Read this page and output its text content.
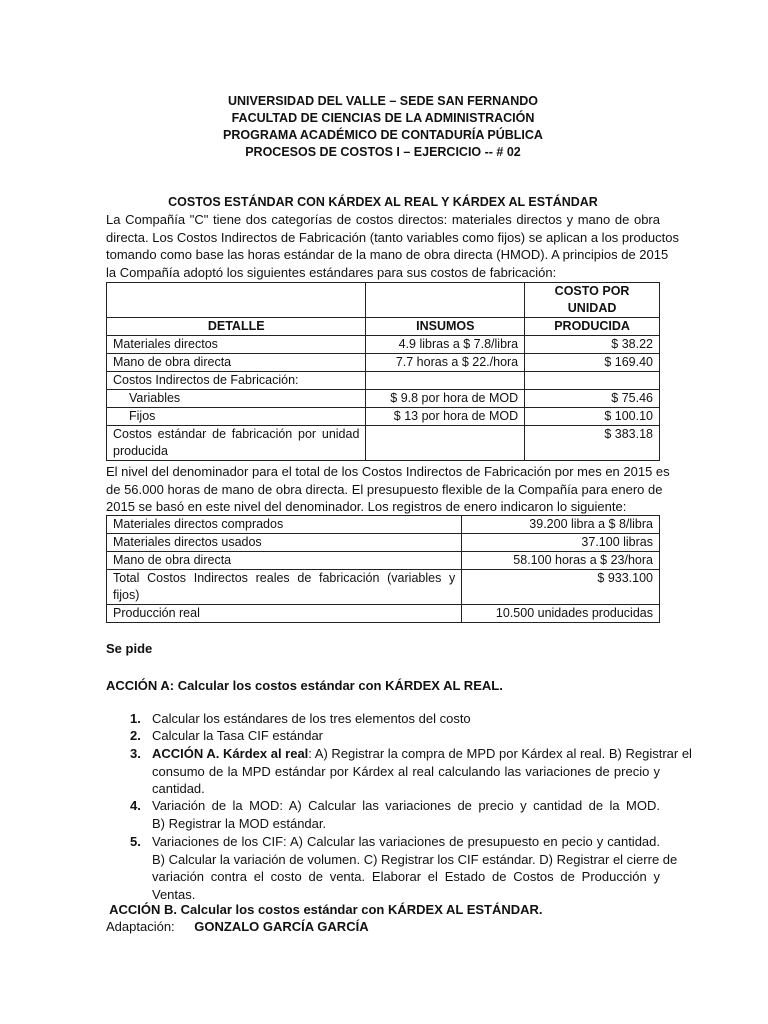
UNIVERSIDAD DEL VALLE – SEDE SAN FERNANDO
FACULTAD DE CIENCIAS DE LA ADMINISTRACIÓN
PROGRAMA ACADÉMICO DE CONTADURÍA PÚBLICA
PROCESOS DE COSTOS I – EJERCICIO -- # 02
COSTOS ESTÁNDAR CON KÁRDEX AL REAL Y KÁRDEX AL ESTÁNDAR
La Compañía "C" tiene dos categorías de costos directos: materiales directos y mano de obra
directa. Los Costos Indirectos de Fabricación (tanto variables como fijos) se aplican a los productos
tomando como base las horas estándar de la mano de obra directa (HMOD). A principios de 2015
la Compañía adoptó los siguientes estándares para sus costos de fabricación:
		COSTO POR UNIDAD
DETALLE	INSUMOS	PRODUCIDA
Materiales directos	4.9 libras a $ 7.8/libra	$ 38.22
Mano de obra directa	7.7 horas a $ 22./hora	$ 169.40
Costos Indirectos de Fabricación:		
Variables	$ 9.8 por hora de MOD	$ 75.46
Fijos	$ 13 por hora de MOD	$ 100.10

Costos estándar de fabricación por unidad
producida		$ 383.18
El nivel del denominador para el total de los Costos Indirectos de Fabricación por mes en 2015 es
de 56.000 horas de mano de obra directa. El presupuesto flexible de la Compañía para enero de
2015 se basó en este nivel del denominador. Los registros de enero indicaron lo siguiente:
Materiales directos comprados	39.200 libra a $ 8/libra
Materiales directos usados	37.100 libras
Mano de obra directa	58.100 horas a $ 23/hora

Total Costos Indirectos reales de fabricación (variables y
fijos)	$ 933.100
Producción real	10.500 unidades producidas
Se pide
ACCIÓN A: Calcular los costos estándar con KÁRDEX AL REAL.
1. Calcular los estándares de los tres elementos del costo
2. Calcular la Tasa CIF estándar
3. ACCIÓN A. Kárdex al real: A) Registrar la compra de MPD por Kárdex al real. B) Registrar el
consumo de la MPD estándar por Kárdex al real calculando las variaciones de precio y
cantidad.
4. Variación de la MOD: A) Calcular las variaciones de precio y cantidad de la MOD.
B) Registrar la MOD estándar.
5. Variaciones de los CIF: A) Calcular las variaciones de presupuesto en pecio y cantidad.
B) Calcular la variación de volumen. C) Registrar los CIF estándar. D) Registrar el cierre de
variación contra el costo de venta. Elaborar el Estado de Costos de Producción y Ventas.
ACCIÓN B. Calcular los costos estándar con KÁRDEX AL ESTÁNDAR.
Adaptación: GONZALO GARCÍA GARCÍA
